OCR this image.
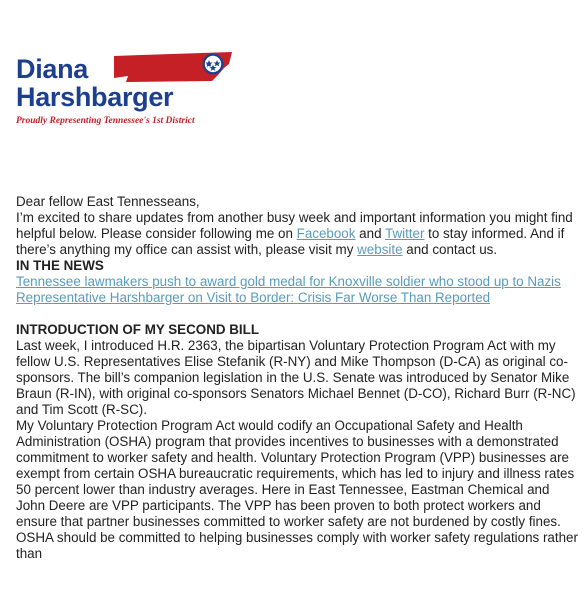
Diana
Harshbarger
Proudly Representing Tennessee's 1st District

Dear fellow East Tennesseans,

I’m excited to share updates from another busy week and important information you might find helpful below. Please consider following me on Facebook and Twitter to stay informed. And if there’s anything my office can assist with, please visit my website and contact us.

IN THE NEWS

Tennessee lawmakers push to award gold medal for Knoxville soldier who stood up to Nazis

Representative Harshbarger on Visit to Border: Crisis Far Worse Than Reported

INTRODUCTION OF MY SECOND BILL

Last week, I introduced H.R. 2363, the bipartisan Voluntary Protection Program Act with my fellow U.S. Representatives Elise Stefanik (R-NY) and Mike Thompson (D-CA) as original co-sponsors. The bill’s companion legislation in the U.S. Senate was introduced by Senator Mike Braun (R-IN), with original co-sponsors Senators Michael Bennet (D-CO), Richard Burr (R-NC) and Tim Scott (R-SC).

My Voluntary Protection Program Act would codify an Occupational Safety and Health Administration (OSHA) program that provides incentives to businesses with a demonstrated commitment to worker safety and health. Voluntary Protection Program (VPP) businesses are exempt from certain OSHA bureaucratic requirements, which has led to injury and illness rates 50 percent lower than industry averages. Here in East Tennessee, Eastman Chemical and John Deere are VPP participants. The VPP has been proven to both protect workers and ensure that partner businesses committed to worker safety are not burdened by costly fines. OSHA should be committed to helping businesses comply with worker safety regulations rather than
